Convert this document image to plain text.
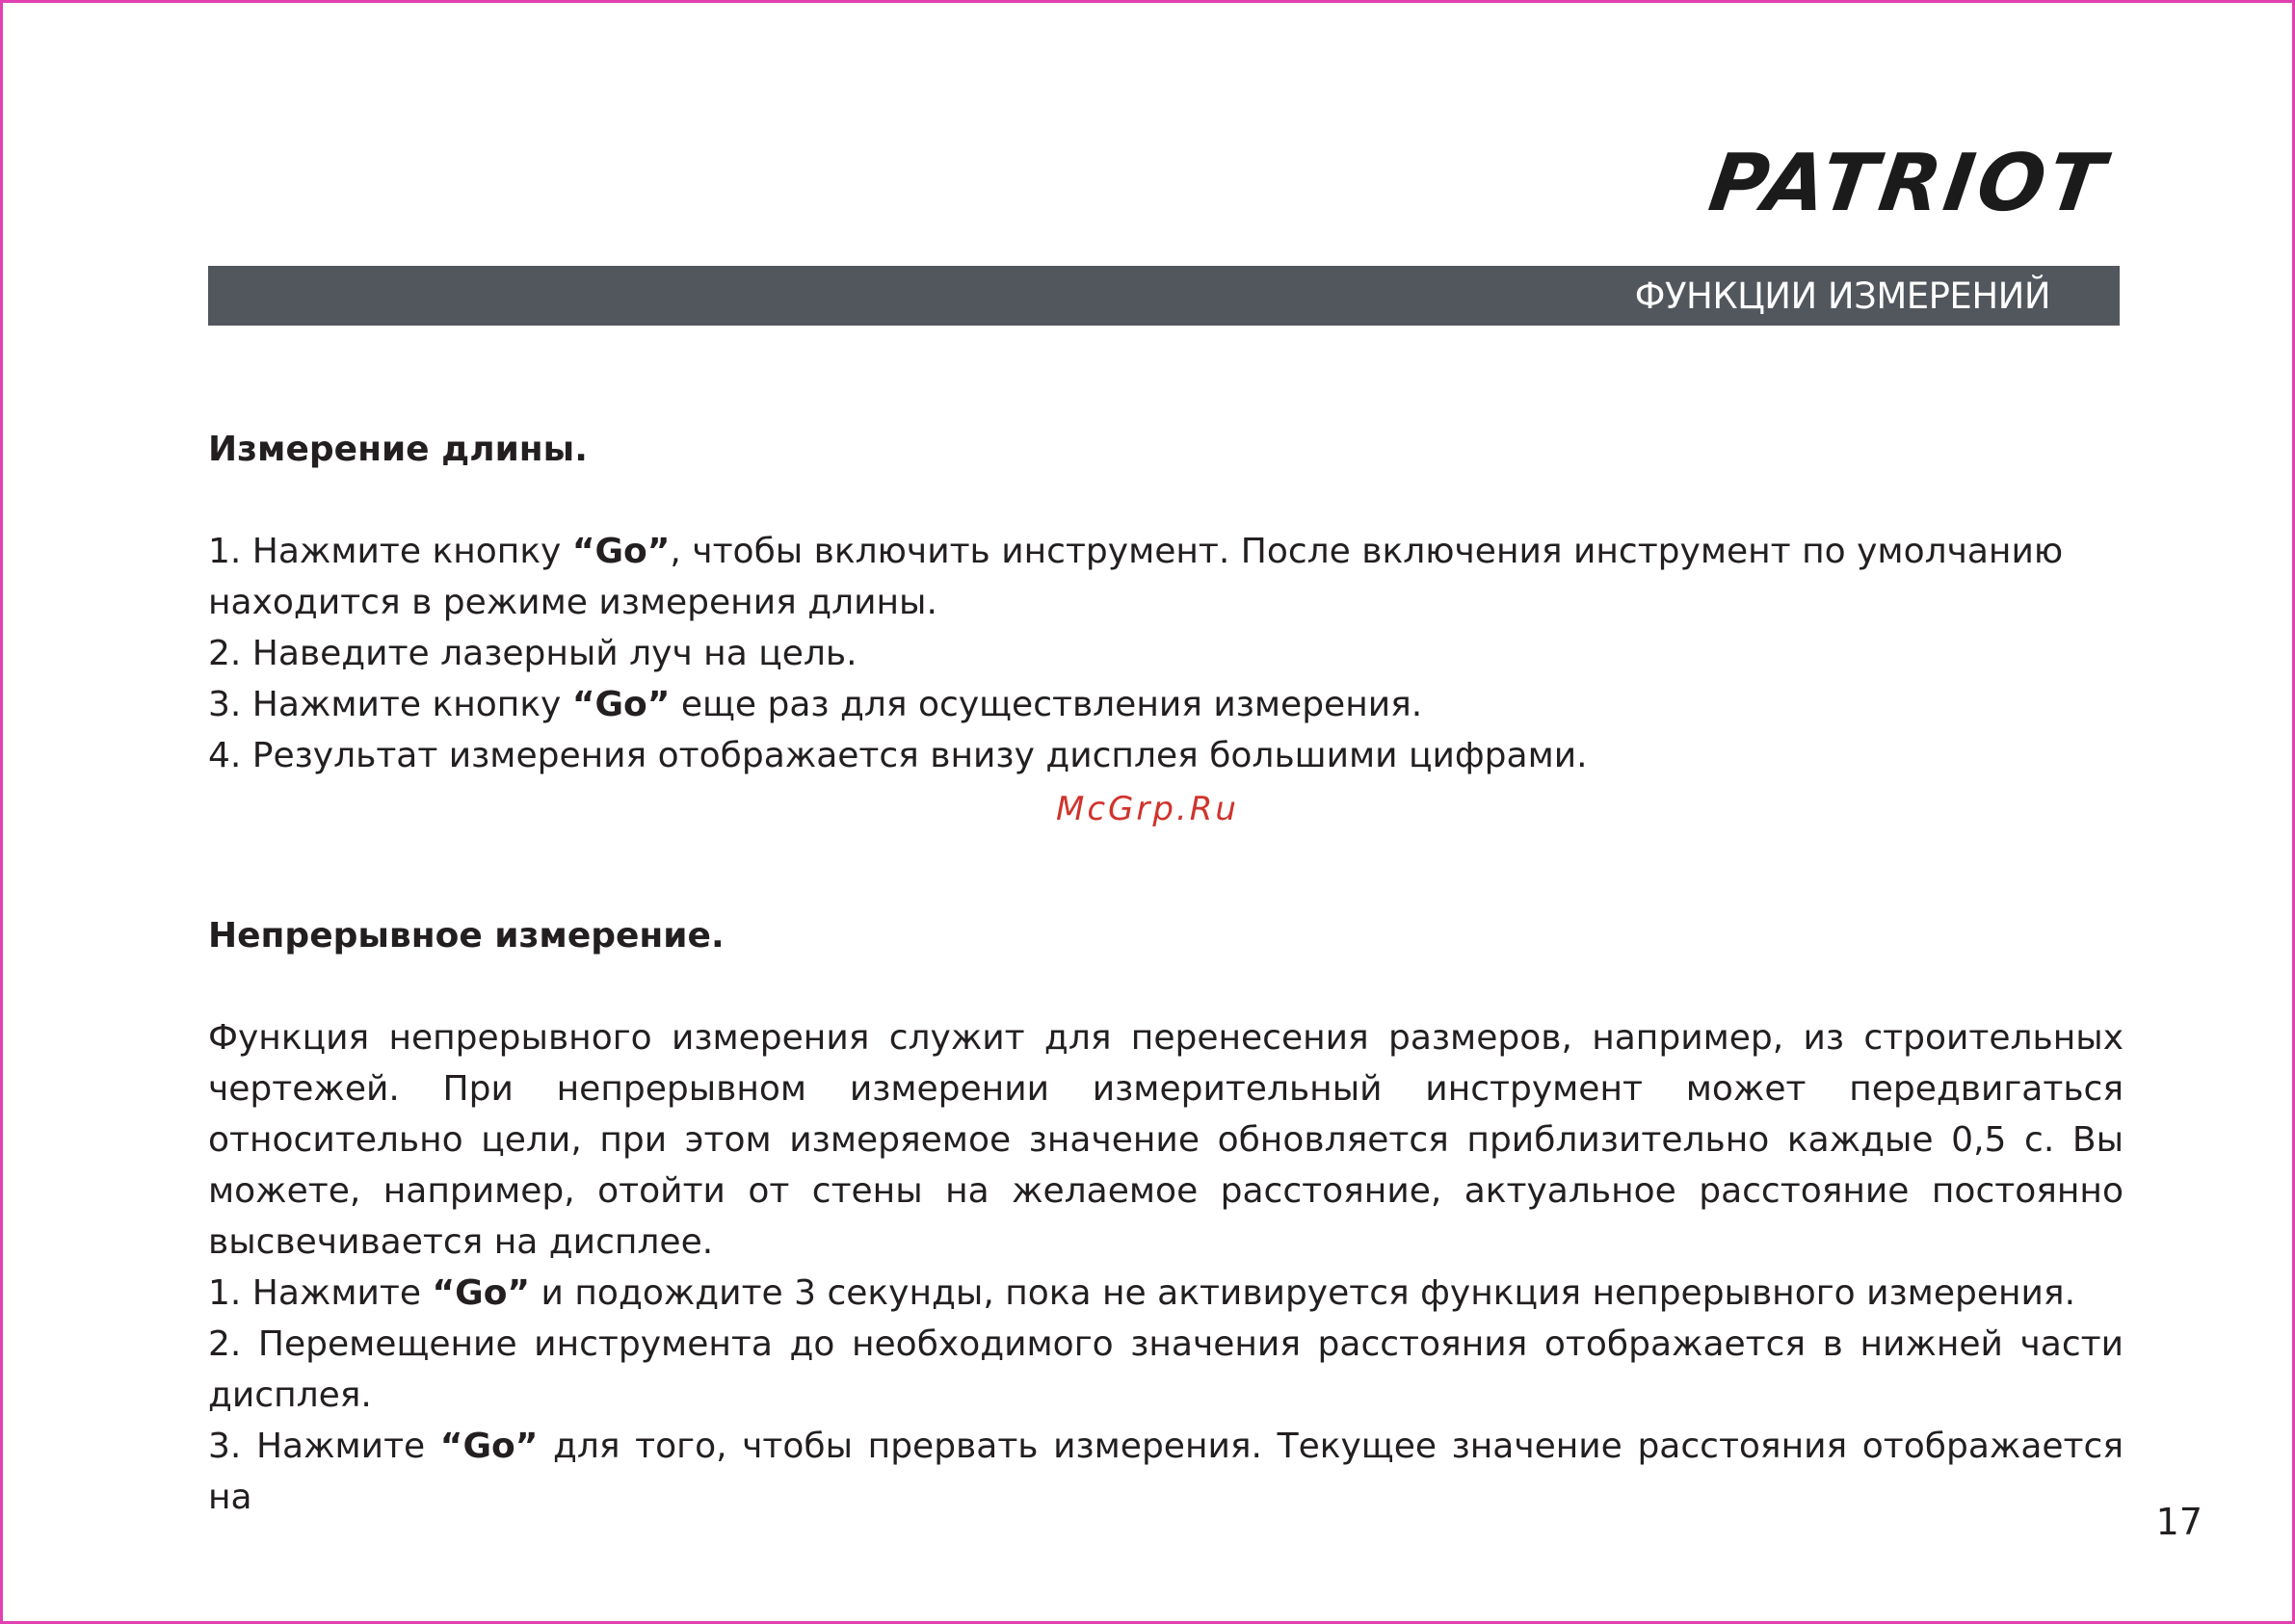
PATRIOT
ФУНКЦИИ ИЗМЕРЕНИЙ

Измерение длины.

1. Нажмите кнопку “Go”, чтобы включить инструмент. После включения инструмент по умолчанию находится в режиме измерения длины.

2. Наведите лазерный луч на цель.

3. Нажмите кнопку “Go” еще раз для осуществления измерения.

4. Результат измерения отображается внизу дисплея большими цифрами.

Непрерывное измерение.

Функция непрерывного измерения служит для перенесения размеров, например, из строительных чертежей. При непрерывном измерении измерительный инструмент может передвигаться относительно цели, при этом измеряемое значение обновляется приблизительно каждые 0,5 с. Вы можете, например, отойти от стены на желаемое расстояние, актуальное расстояние постоянно высвечивается на дисплее.

1. Нажмите “Go” и подождите 3 секунды, пока не активируется функция непрерывного измерения.

2. Перемещение инструмента до необходимого значения расстояния отображается в нижней части дисплея.

3. Нажмите “Go” для того, чтобы прервать измерения. Текущее значение расстояния отображается на

McGrp.Ru
17
